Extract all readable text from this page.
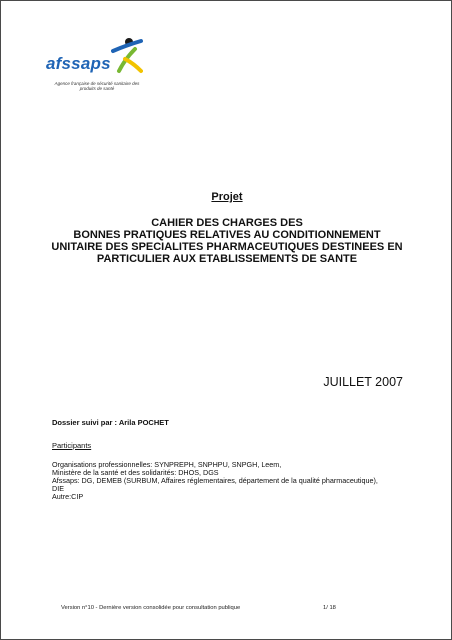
afssaps
Agence française de sécurité sanitaire des produits de santé
Projet
CAHIER DES CHARGES DES
BONNES PRATIQUES RELATIVES AU CONDITIONNEMENT
UNITAIRE DES SPECIALITES PHARMACEUTIQUES DESTINEES EN
PARTICULIER AUX ETABLISSEMENTS DE SANTE
JUILLET 2007
Dossier suivi par : Arila POCHET
Participants
Organisations professionnelles: SYNPREPH, SNPHPU, SNPGH, Leem,
Ministère de la santé et des solidarités: DHOS, DGS
Afssaps: DG, DEMEB (SURBUM, Affaires réglementaires, département de la qualité pharmaceutique),
DIE
Autre:CIP
Version n°10 - Dernière version consolidée pour consultation publique	1/ 18
